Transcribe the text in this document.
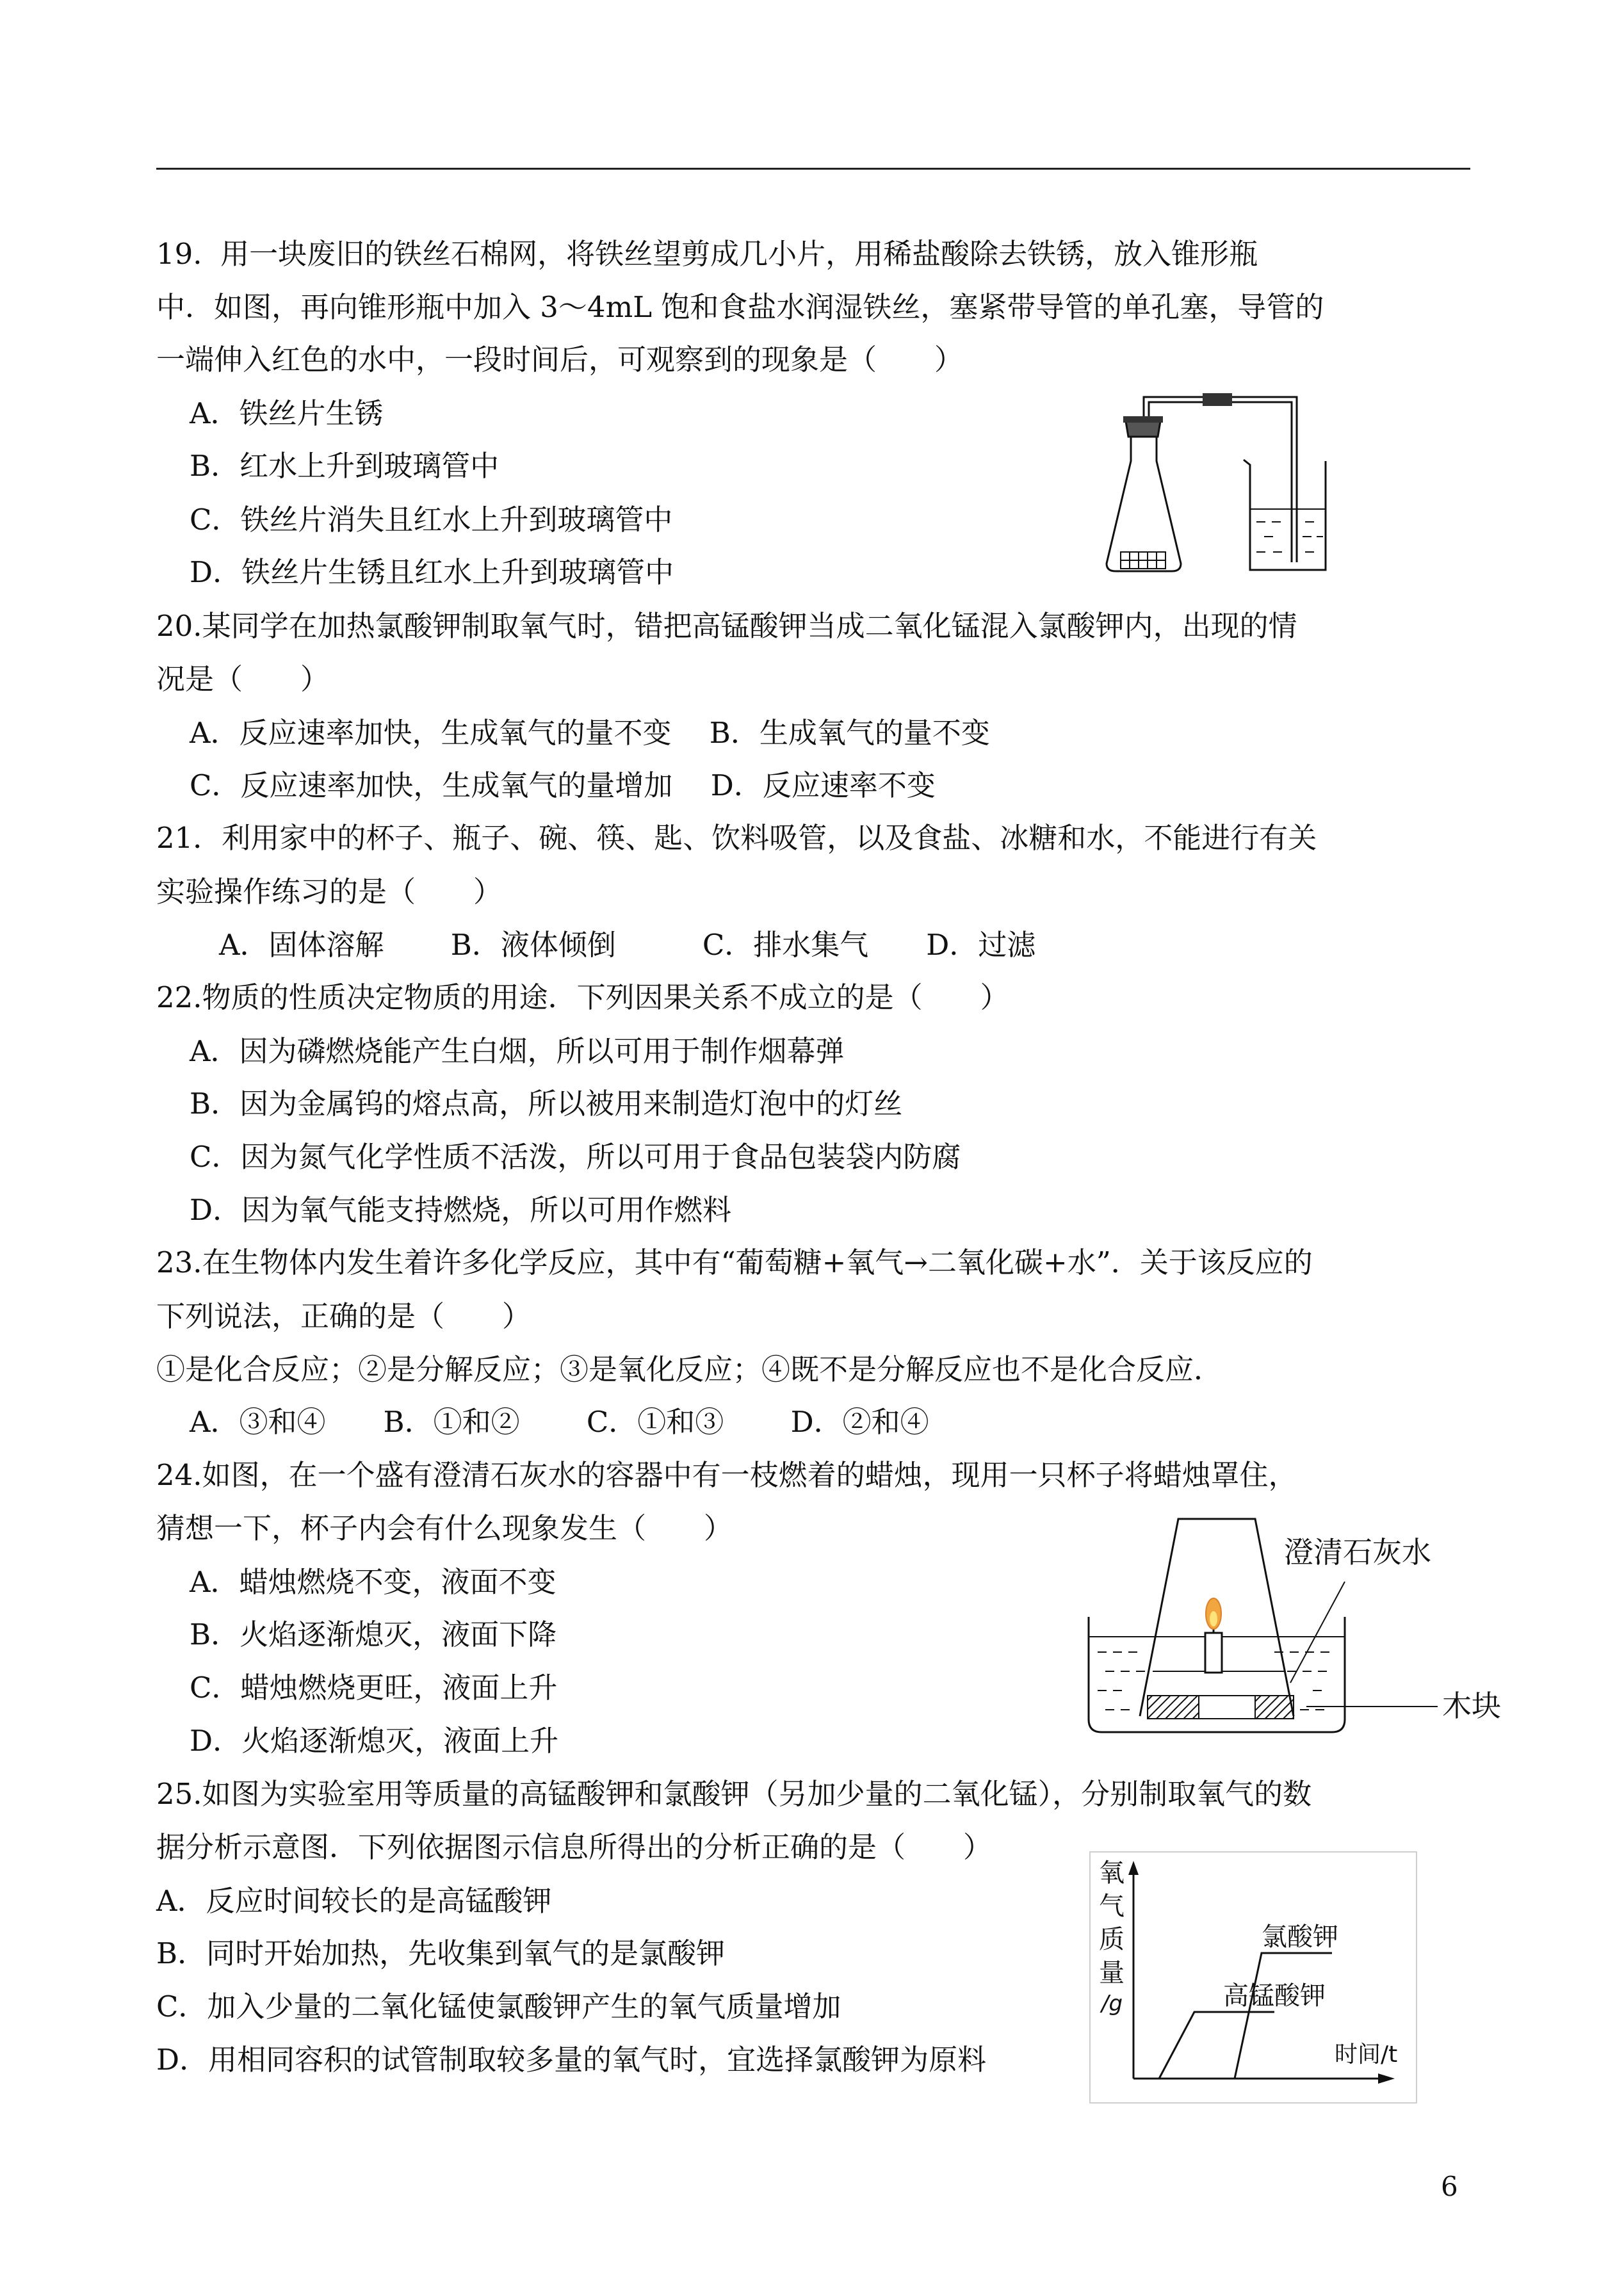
19.  用一块废旧的铁丝石棉网，将铁丝望剪成几小片，用稀盐酸除去铁锈，放入锥形瓶
中．如图，再向锥形瓶中加入 3～4mL 饱和食盐水润湿铁丝，塞紧带导管的单孔塞，导管的
一端伸入红色的水中，一段时间后，可观察到的现象是（　　）
A．铁丝片生锈
B．红水上升到玻璃管中
C．铁丝片消失且红水上升到玻璃管中
D．铁丝片生锈且红水上升到玻璃管中
20.某同学在加热氯酸钾制取氧气时，错把高锰酸钾当成二氧化锰混入氯酸钾内，出现的情
况是（　　）
A．反应速率加快，生成氧气的量不变　 B．生成氧气的量不变
C．反应速率加快，生成氧气的量增加　 D．反应速率不变
21．利用家中的杯子、瓶子、碗、筷、匙、饮料吸管，以及食盐、冰糖和水，不能进行有关
实验操作练习的是（　　）
A．固体溶解　　 B．液体倾倒　　　C．排水集气　　D．过滤
22.物质的性质决定物质的用途．下列因果关系不成立的是（　　）
A．因为磷燃烧能产生白烟，所以可用于制作烟幕弹
B．因为金属钨的熔点高，所以被用来制造灯泡中的灯丝
C．因为氮气化学性质不活泼，所以可用于食品包装袋内防腐
D．因为氧气能支持燃烧，所以可用作燃料
23.在生物体内发生着许多化学反应，其中有“葡萄糖+氧气→二氧化碳+水”．关于该反应的
下列说法，正确的是（　　）
①是化合反应；②是分解反应；③是氧化反应；④既不是分解反应也不是化合反应．
A．③和④　　B．①和②　　 C．①和③　　 D．②和④
24.如图，在一个盛有澄清石灰水的容器中有一枝燃着的蜡烛，现用一只杯子将蜡烛罩住，
猜想一下，杯子内会有什么现象发生（　　）
A．蜡烛燃烧不变，液面不变
B．火焰逐渐熄灭，液面下降
C．蜡烛燃烧更旺，液面上升
D．火焰逐渐熄灭，液面上升
澄清石灰水
木块
25.如图为实验室用等质量的高锰酸钾和氯酸钾（另加少量的二氧化锰），分别制取氧气的数
据分析示意图．下列依据图示信息所得出的分析正确的是（　　）
A．反应时间较长的是高锰酸钾
B．同时开始加热，先收集到氧气的是氯酸钾
C．加入少量的二氧化锰使氯酸钾产生的氧气质量增加
D．用相同容积的试管制取较多量的氧气时，宜选择氯酸钾为原料
氧
气
质
量
/g
氯酸钾
高锰酸钾
时间/t
6
